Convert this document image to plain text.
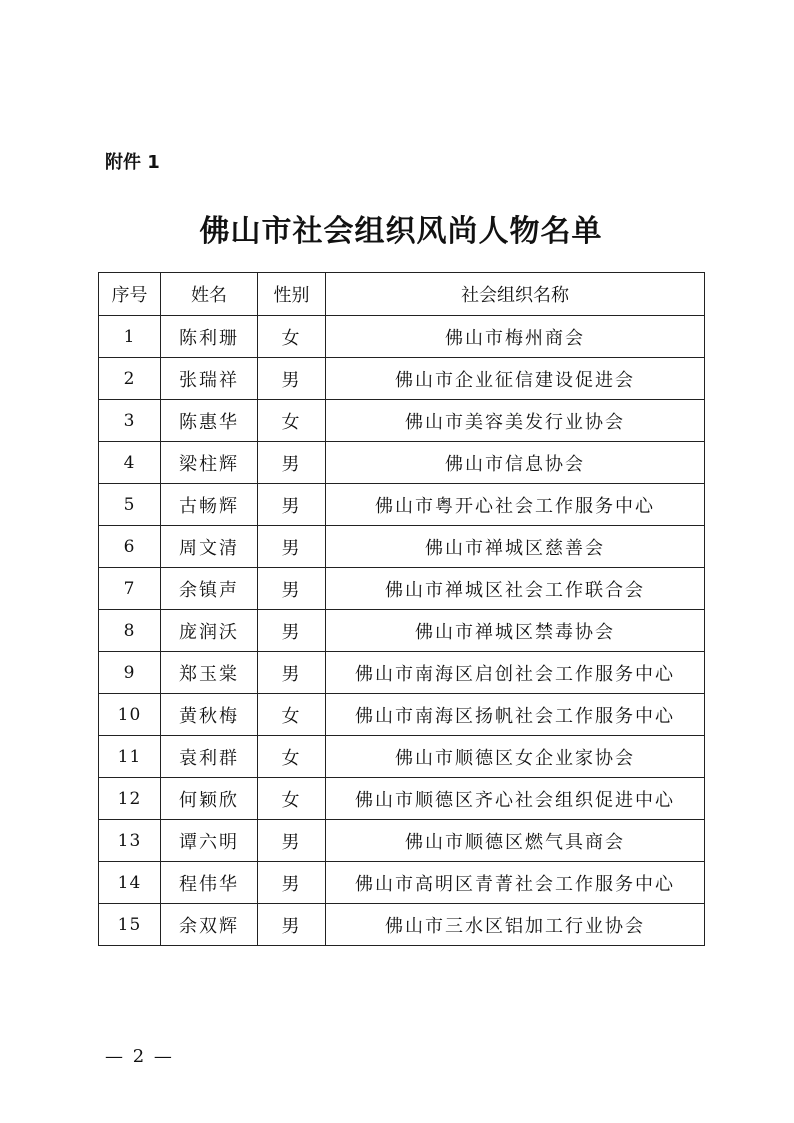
附件 1

佛山市社会组织风尚人物名单
序号	姓名	性别	社会组织名称
1	陈利珊	女	佛山市梅州商会
2	张瑞祥	男	佛山市企业征信建设促进会
3	陈惠华	女	佛山市美容美发行业协会
4	梁柱辉	男	佛山市信息协会
5	古畅辉	男	佛山市粤开心社会工作服务中心
6	周文清	男	佛山市禅城区慈善会
7	余镇声	男	佛山市禅城区社会工作联合会
8	庞润沃	男	佛山市禅城区禁毒协会
9	郑玉棠	男	佛山市南海区启创社会工作服务中心
10	黄秋梅	女	佛山市南海区扬帆社会工作服务中心
11	袁利群	女	佛山市顺德区女企业家协会
12	何颖欣	女	佛山市顺德区齐心社会组织促进中心
13	谭六明	男	佛山市顺德区燃气具商会
14	程伟华	男	佛山市高明区青菁社会工作服务中心
15	余双辉	男	佛山市三水区铝加工行业协会

— 2 —
